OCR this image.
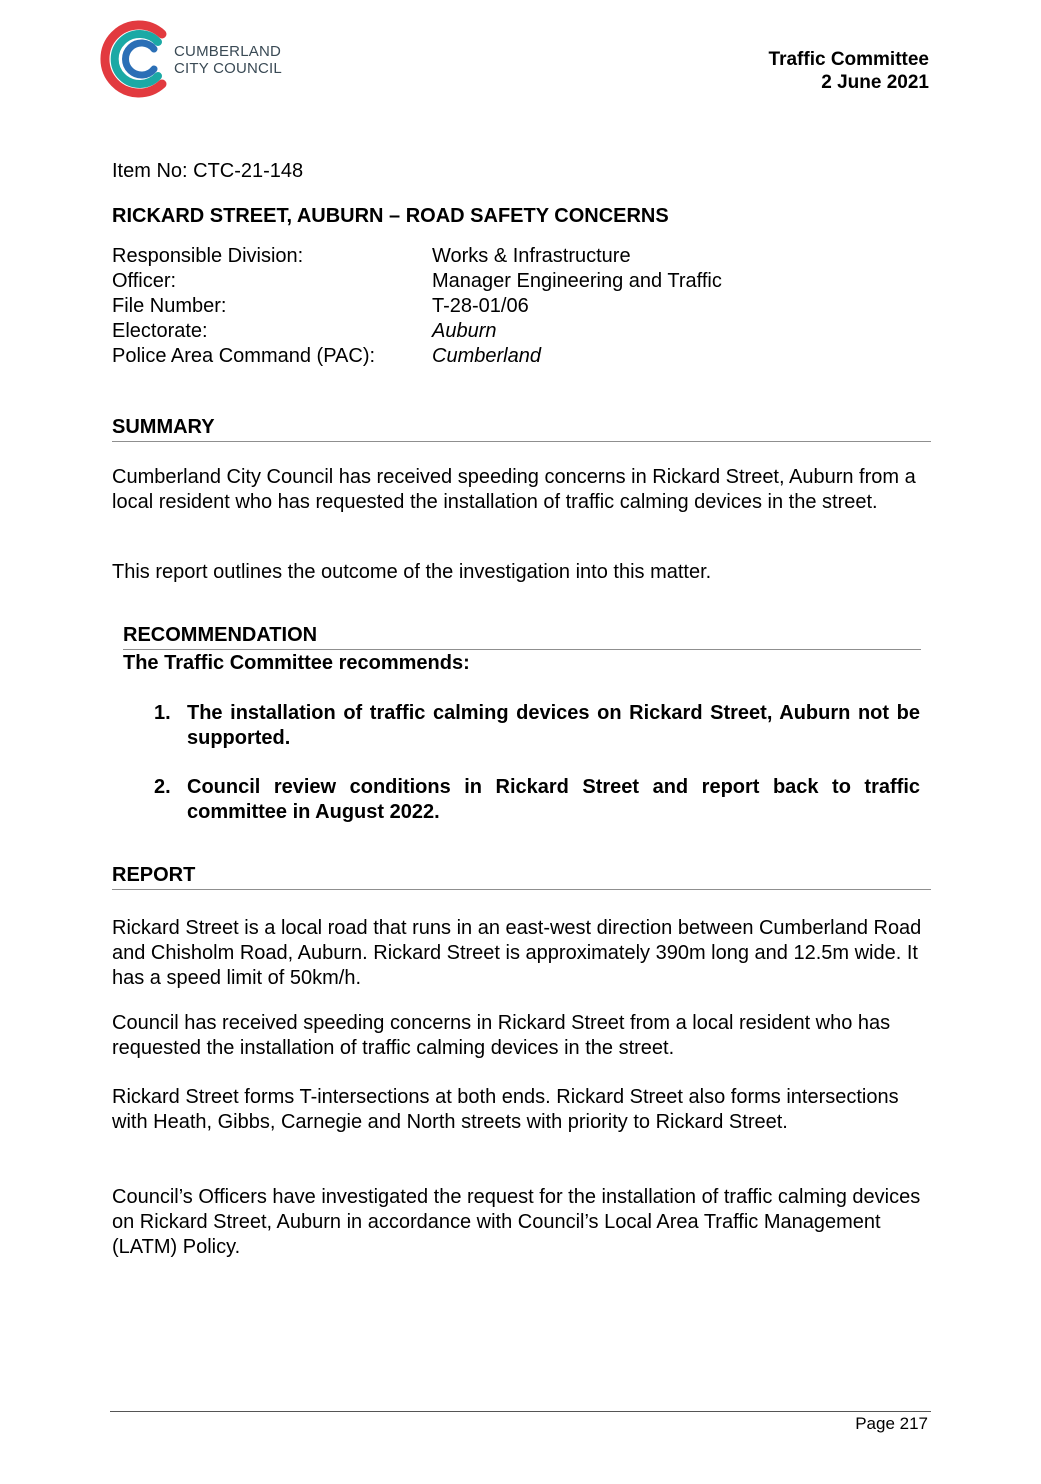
CUMBERLAND
CITY COUNCIL	Traffic Committee
2 June 2021
Item No: CTC-21-148
RICKARD STREET, AUBURN – ROAD SAFETY CONCERNS
Responsible Division:	Works & Infrastructure
Officer:	Manager Engineering and Traffic
File Number:	T-28-01/06
Electorate:	Auburn
Police Area Command (PAC):	Cumberland
SUMMARY
Cumberland City Council has received speeding concerns in Rickard Street, Auburn from a local resident who has requested the installation of traffic calming devices in the street.
This report outlines the outcome of the investigation into this matter.
RECOMMENDATION
The Traffic Committee recommends:
1. The installation of traffic calming devices on Rickard Street, Auburn not be supported.
2. Council review conditions in Rickard Street and report back to traffic committee in August 2022.
REPORT
Rickard Street is a local road that runs in an east-west direction between Cumberland Road and Chisholm Road, Auburn. Rickard Street is approximately 390m long and 12.5m wide. It has a speed limit of 50km/h.
Council has received speeding concerns in Rickard Street from a local resident who has requested the installation of traffic calming devices in the street.
Rickard Street forms T-intersections at both ends. Rickard Street also forms intersections with Heath, Gibbs, Carnegie and North streets with priority to Rickard Street.
Council’s Officers have investigated the request for the installation of traffic calming devices on Rickard Street, Auburn in accordance with Council’s Local Area Traffic Management (LATM) Policy.
Page 217
